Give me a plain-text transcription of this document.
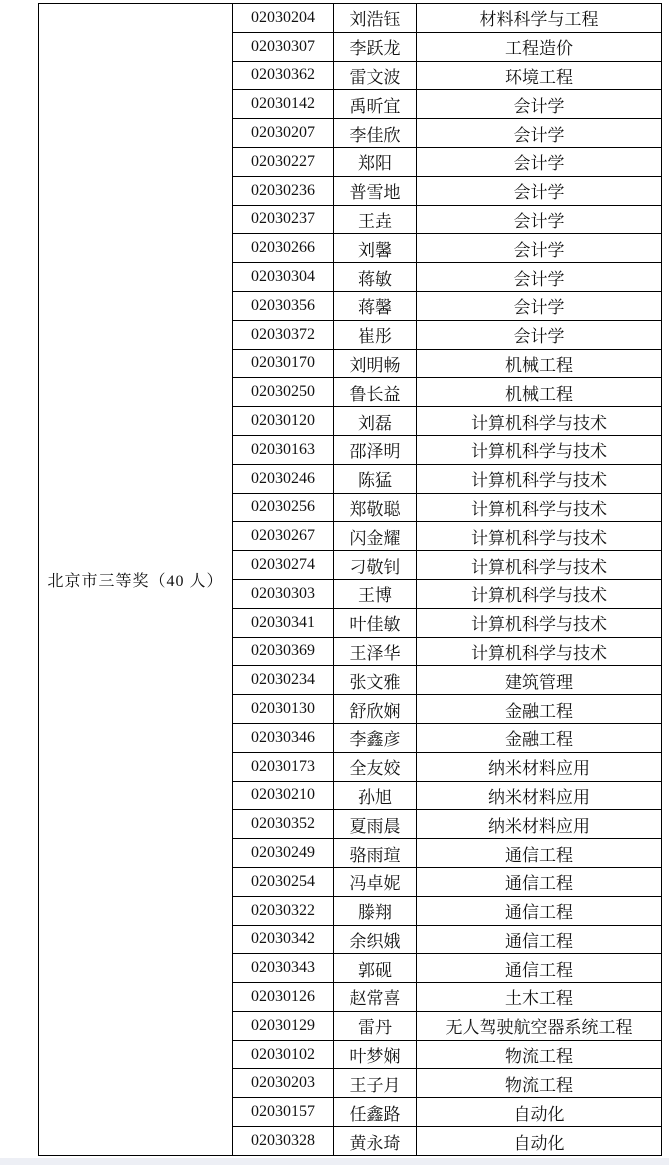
北京市三等奖（40 人）	02030204	刘浩钰	材料科学与工程
	02030307	李跃龙	工程造价
	02030362	雷文波	环境工程
	02030142	禹昕宜	会计学
	02030207	李佳欣	会计学
	02030227	郑阳	会计学
	02030236	普雪地	会计学
	02030237	王垚	会计学
	02030266	刘馨	会计学
	02030304	蒋敏	会计学
	02030356	蒋馨	会计学
	02030372	崔彤	会计学
	02030170	刘明畅	机械工程
	02030250	鲁长益	机械工程
	02030120	刘磊	计算机科学与技术
	02030163	邵泽明	计算机科学与技术
	02030246	陈猛	计算机科学与技术
	02030256	郑敬聪	计算机科学与技术
	02030267	闪金耀	计算机科学与技术
	02030274	刁敬钊	计算机科学与技术
	02030303	王博	计算机科学与技术
	02030341	叶佳敏	计算机科学与技术
	02030369	王泽华	计算机科学与技术
	02030234	张文雅	建筑管理
	02030130	舒欣娴	金融工程
	02030346	李鑫彦	金融工程
	02030173	全友姣	纳米材料应用
	02030210	孙旭	纳米材料应用
	02030352	夏雨晨	纳米材料应用
	02030249	骆雨瑄	通信工程
	02030254	冯卓妮	通信工程
	02030322	滕翔	通信工程
	02030342	余织娥	通信工程
	02030343	郭砚	通信工程
	02030126	赵常喜	土木工程
	02030129	雷丹	无人驾驶航空器系统工程
	02030102	叶梦娴	物流工程
	02030203	王子月	物流工程
	02030157	任鑫路	自动化
	02030328	黄永琦	自动化
